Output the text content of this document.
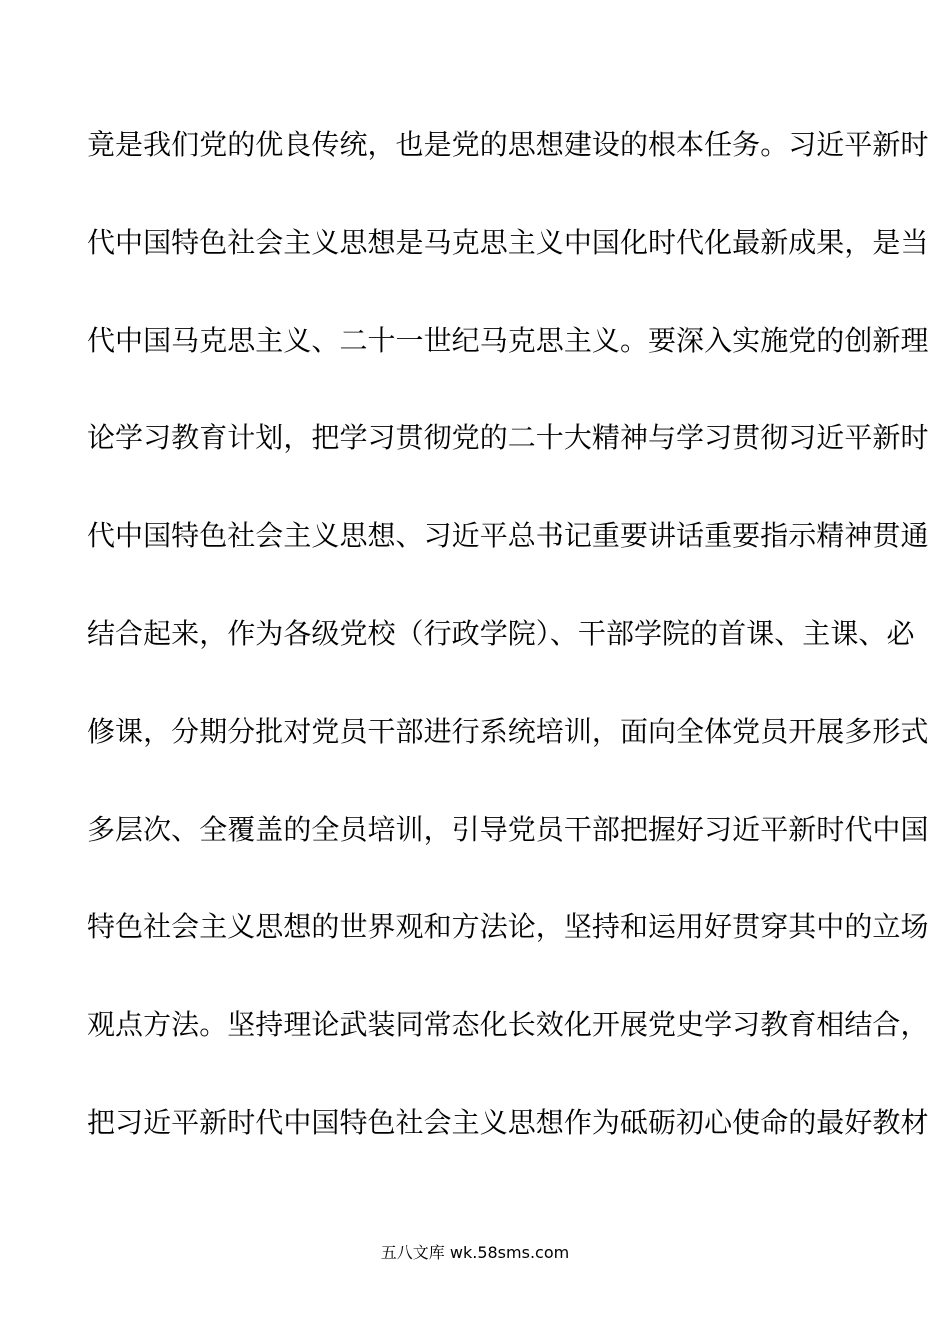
竟是我们党的优良传统，也是党的思想建设的根本任务。习近平新时
代中国特色社会主义思想是马克思主义中国化时代化最新成果，是当
代中国马克思主义、二十一世纪马克思主义。要深入实施党的创新理
论学习教育计划，把学习贯彻党的二十大精神与学习贯彻习近平新时
代中国特色社会主义思想、习近平总书记重要讲话重要指示精神贯通
结合起来，作为各级党校（行政学院）、干部学院的首课、主课、必
修课，分期分批对党员干部进行系统培训，面向全体党员开展多形式
多层次、全覆盖的全员培训，引导党员干部把握好习近平新时代中国
特色社会主义思想的世界观和方法论，坚持和运用好贯穿其中的立场
观点方法。坚持理论武装同常态化长效化开展党史学习教育相结合，
把习近平新时代中国特色社会主义思想作为砥砺初心使命的最好教材
五八文库 wk.58sms.com
